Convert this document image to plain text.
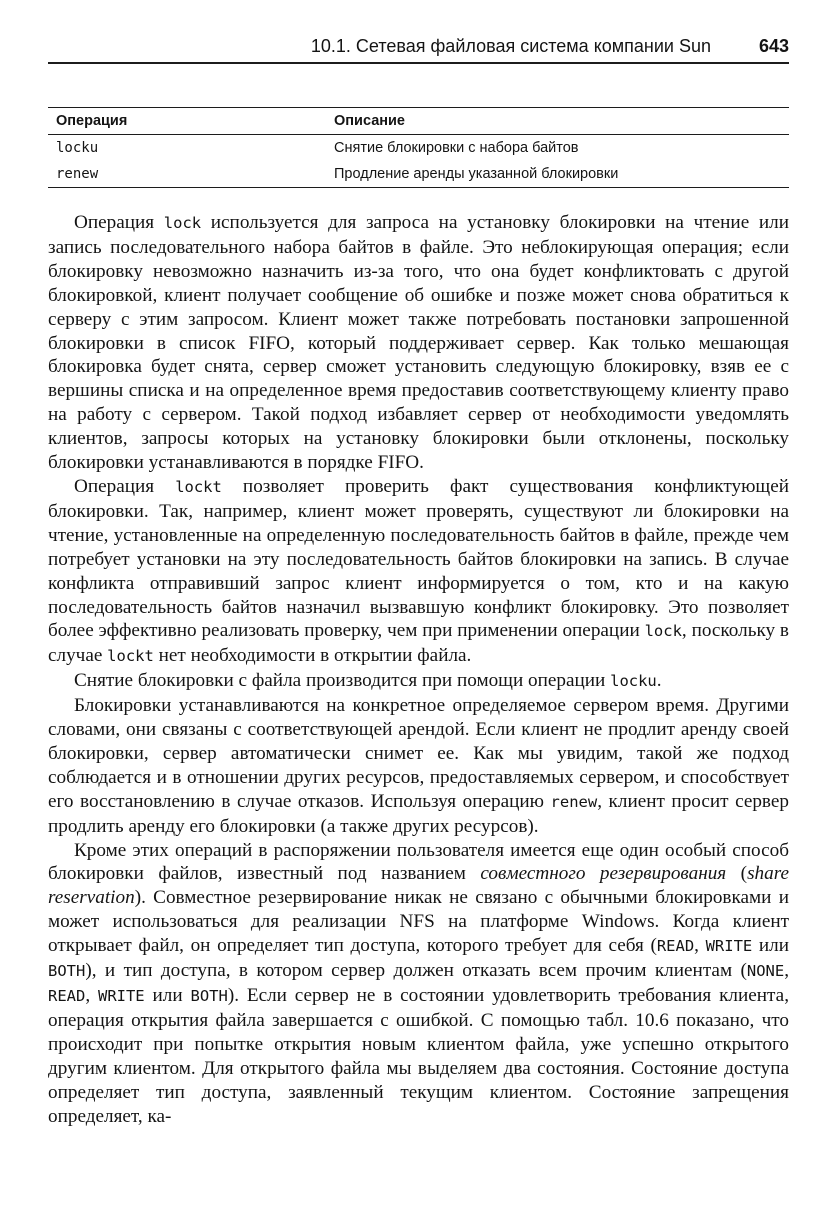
10.1. Сетевая файловая система компании Sun	643
Операция	Описание
locku	Снятие блокировки с набора байтов
renew	Продление аренды указанной блокировки

Операция lock используется для запроса на установку блокировки на чтение или запись последовательного набора байтов в файле. Это неблокирующая операция; если блокировку невозможно назначить из-за того, что она будет конфликтовать с другой блокировкой, клиент получает сообщение об ошибке и позже может снова обратиться к серверу с этим запросом. Клиент может также потребовать постановки запрошенной блокировки в список FIFO, который поддерживает сервер. Как только мешающая блокировка будет снята, сервер сможет установить следующую блокировку, взяв ее с вершины списка и на определенное время предоставив соответствующему клиенту право на работу с сервером. Такой подход избавляет сервер от необходимости уведомлять клиентов, запросы которых на установку блокировки были отклонены, поскольку блокировки устанавливаются в порядке FIFO.

Операция lockt позволяет проверить факт существования конфликтующей блокировки. Так, например, клиент может проверять, существуют ли блокировки на чтение, установленные на определенную последовательность байтов в файле, прежде чем потребует установки на эту последовательность байтов блокировки на запись. В случае конфликта отправивший запрос клиент информируется о том, кто и на какую последовательность байтов назначил вызвавшую конфликт блокировку. Это позволяет более эффективно реализовать проверку, чем при применении операции lock, поскольку в случае lockt нет необходимости в открытии файла.

Снятие блокировки с файла производится при помощи операции locku.

Блокировки устанавливаются на конкретное определяемое сервером время. Другими словами, они связаны с соответствующей арендой. Если клиент не продлит аренду своей блокировки, сервер автоматически снимет ее. Как мы увидим, такой же подход соблюдается и в отношении других ресурсов, предоставляемых сервером, и способствует его восстановлению в случае отказов. Используя операцию renew, клиент просит сервер продлить аренду его блокировки (а также других ресурсов).

Кроме этих операций в распоряжении пользователя имеется еще один особый способ блокировки файлов, известный под названием совместного резервирования (share reservation). Совместное резервирование никак не связано с обычными блокировками и может использоваться для реализации NFS на платформе Windows. Когда клиент открывает файл, он определяет тип доступа, которого требует для себя (READ, WRITE или BOTH), и тип доступа, в котором сервер должен отказать всем прочим клиентам (NONE, READ, WRITE или BOTH). Если сервер не в состоянии удовлетворить требования клиента, операция открытия файла завершается с ошибкой. С помощью табл. 10.6 показано, что происходит при попытке открытия новым клиентом файла, уже успешно открытого другим клиентом. Для открытого файла мы выделяем два состояния. Состояние доступа определяет тип доступа, заявленный текущим клиентом. Состояние запрещения определяет, ка-
